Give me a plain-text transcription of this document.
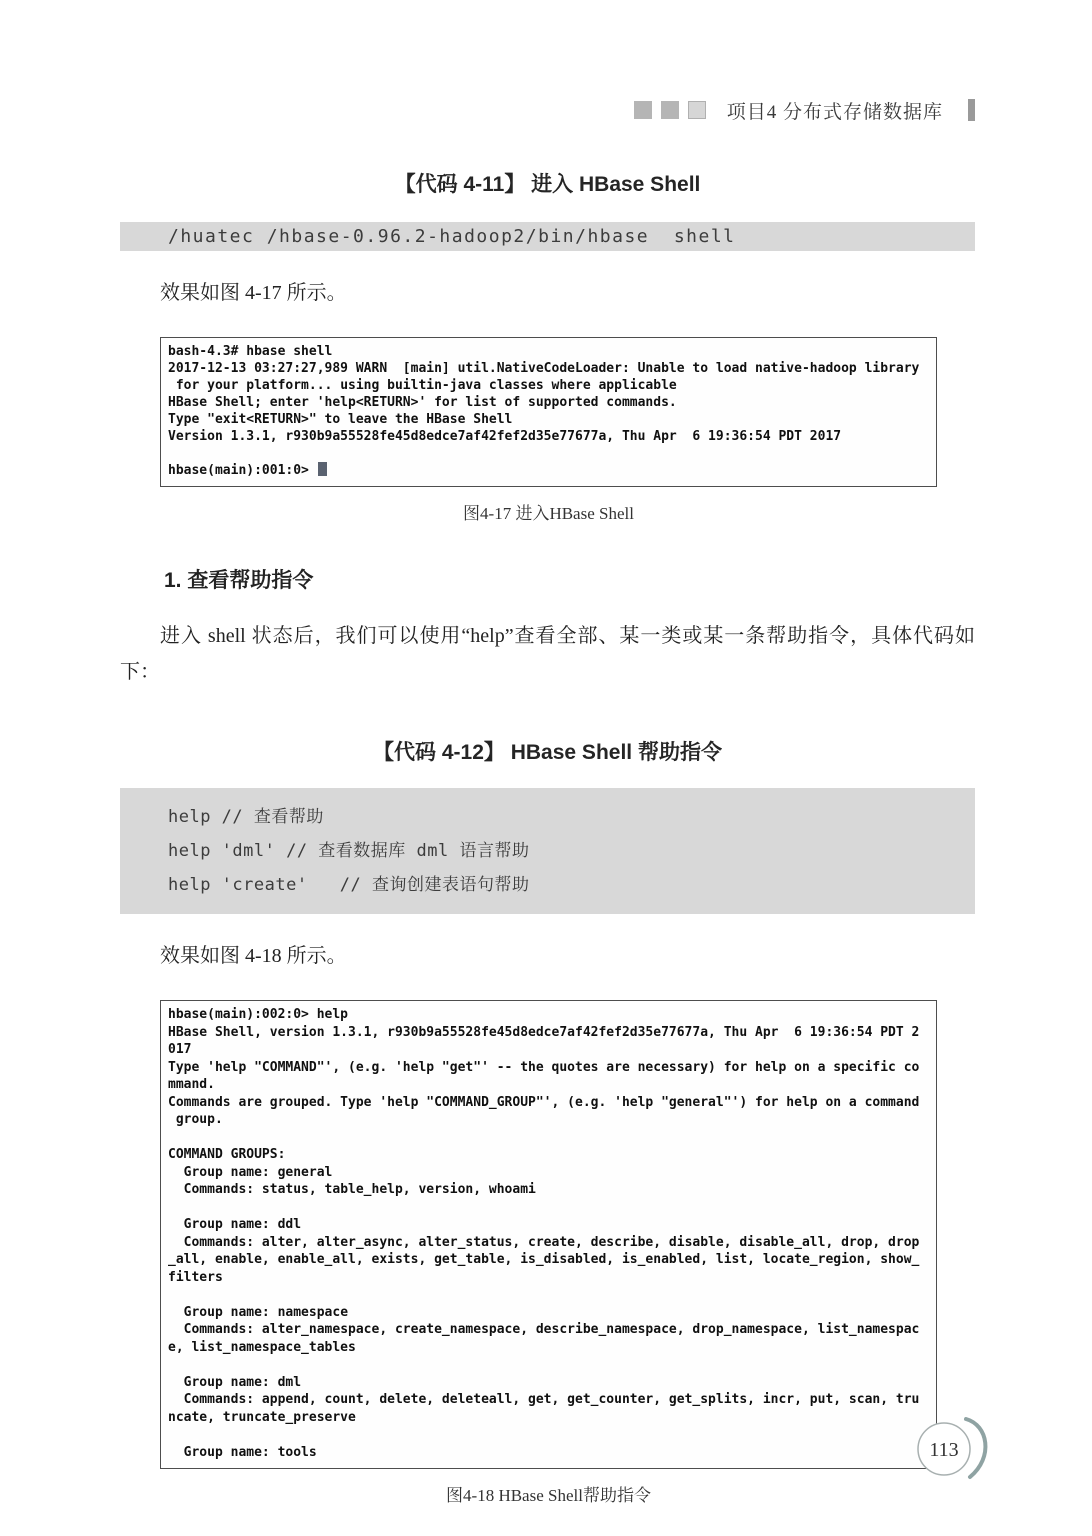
项目4 分布式存储数据库
【代码 4-11】 进入 HBase Shell
/huatec /hbase-0.96.2-hadoop2/bin/hbase  shell

效果如图 4-17 所示。

bash-4.3# hbase shell
2017-12-13 03:27:27,989 WARN  [main] util.NativeCodeLoader: Unable to load native-hadoop library
for your platform... using builtin-java classes where applicable
HBase Shell; enter 'help<RETURN>' for list of supported commands.
Type "exit<RETURN>" to leave the HBase Shell
Version 1.3.1, r930b9a55528fe45d8edce7af42fef2d35e77677a, Thu Apr  6 19:36:54 PDT 2017

hbase(main):001:0>
图4-17 进入HBase Shell
1. 查看帮助指令

进入 shell 状态后，我们可以使用“help”查看全部、某一类或某一条帮助指令，具体代码如下：

【代码 4-12】 HBase Shell 帮助指令
help // 查看帮助
help 'dml' // 查看数据库 dml 语言帮助
help 'create'   // 查询创建表语句帮助

效果如图 4-18 所示。

hbase(main):002:0> help
HBase Shell, version 1.3.1, r930b9a55528fe45d8edce7af42fef2d35e77677a, Thu Apr  6 19:36:54 PDT 2
017
Type 'help "COMMAND"', (e.g. 'help "get"' -- the quotes are necessary) for help on a specific co
mmand.
Commands are grouped. Type 'help "COMMAND_GROUP"', (e.g. 'help "general"') for help on a command
group.

COMMAND GROUPS:
Group name: general
Commands: status, table_help, version, whoami

Group name: ddl
Commands: alter, alter_async, alter_status, create, describe, disable, disable_all, drop, drop
_all, enable, enable_all, exists, get_table, is_disabled, is_enabled, list, locate_region, show_
filters

Group name: namespace
Commands: alter_namespace, create_namespace, describe_namespace, drop_namespace, list_namespac
e, list_namespace_tables

Group name: dml
Commands: append, count, delete, deleteall, get, get_counter, get_splits, incr, put, scan, tru
ncate, truncate_preserve

Group name: tools
图4-18 HBase Shell帮助指令
113
